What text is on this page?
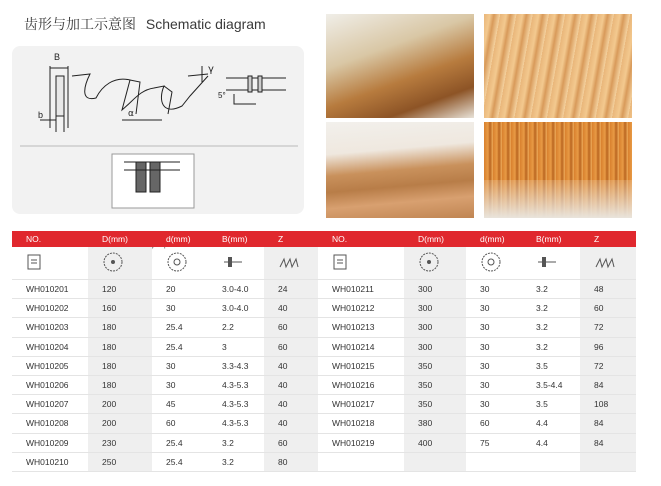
齿形与加工示意图 Schematic diagram
B
b	α
γ
5°
NO.	D(mm)	d(mm)	B(mm)	Z	NO.	D(mm)	d(mm)	B(mm)	Z

WH010201	120	20	3.0-4.0	24	WH010211	300	30	3.2	48
WH010202	160	30	3.0-4.0	40	WH010212	300	30	3.2	60
WH010203	180	25.4	2.2	60	WH010213	300	30	3.2	72
WH010204	180	25.4	3	60	WH010214	300	30	3.2	96
WH010205	180	30	3.3-4.3	40	WH010215	350	30	3.5	72
WH010206	180	30	4.3-5.3	40	WH010216	350	30	3.5-4.4	84
WH010207	200	45	4.3-5.3	40	WH010217	350	30	3.5	108
WH010208	200	60	4.3-5.3	40	WH010218	380	60	4.4	84
WH010209	230	25.4	3.2	60	WH010219	400	75	4.4	84
WH010210	250	25.4	3.2	80					
